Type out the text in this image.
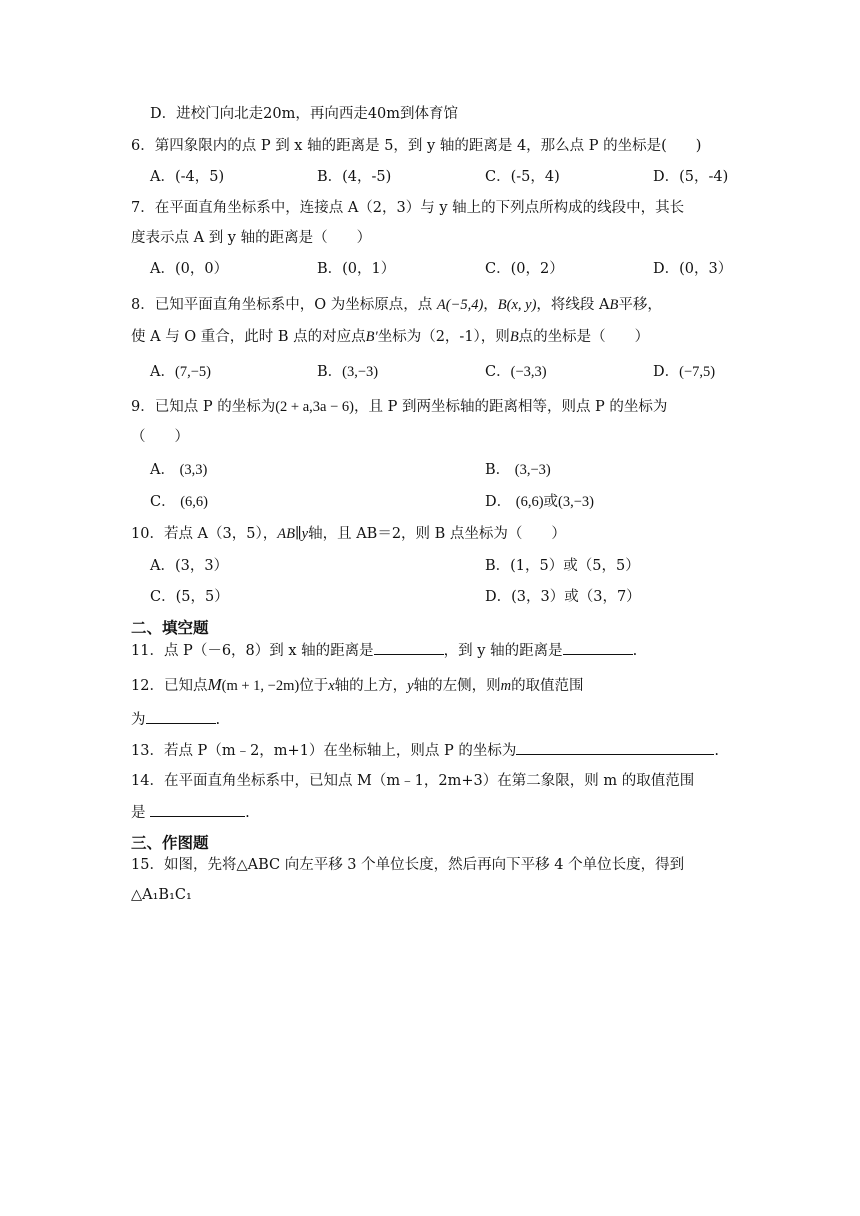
D．进校门向北走20m，再向西走40m到体育馆
6．第四象限内的点 P 到 x 轴的距离是 5，到 y 轴的距离是 4，那么点 P 的坐标是(　　)
A．(-4，5)	B．(4，-5)	C．(-5，4)	D．(5，-4)
7．在平面直角坐标系中，连接点 A（2，3）与 y 轴上的下列点所构成的线段中，其长
度表示点 A 到 y 轴的距离是（　　）
A．(0，0）	B．(0，1）	C．(0，2）	D．(0，3）
8．已知平面直角坐标系中，O 为坐标原点，点 A(−5,4)，B(x, y)，将线段 AB平移，
使 A 与 O 重合，此时 B 点的对应点B′坐标为（2，-1），则B点的坐标是（　　）
A．(7,−5)	B．(3,−3)	C．(−3,3)	D．(−7,5)
9．已知点 P 的坐标为(2 + a,3a − 6)，且 P 到两坐标轴的距离相等，则点 P 的坐标为
（　　）
A． (3,3)	B． (3,−3)
C． (6,6)	D． (6,6)或(3,−3)
10．若点 A（3，5），AB∥y轴，且 AB＝2，则 B 点坐标为（　　）
A．(3，3）	B．(1，5）或（5，5）
C．(5，5）	D．(3，3）或（3，7）
二、填空题
11．点 P（－6，8）到 x 轴的距离是	，到 y 轴的距离是	.
12．已知点M(m + 1, −2m)位于x轴的上方，y轴的左侧，则m的取值范围
为	.
13．若点 P（m﹣2，m+1）在坐标轴上，则点 P 的坐标为	.
14．在平面直角坐标系中，已知点 M（m﹣1，2m+3）在第二象限，则 m 的取值范围
是	.
三、作图题
15．如图，先将△ABC 向左平移 3 个单位长度，然后再向下平移 4 个单位长度，得到
△A₁B₁C₁
